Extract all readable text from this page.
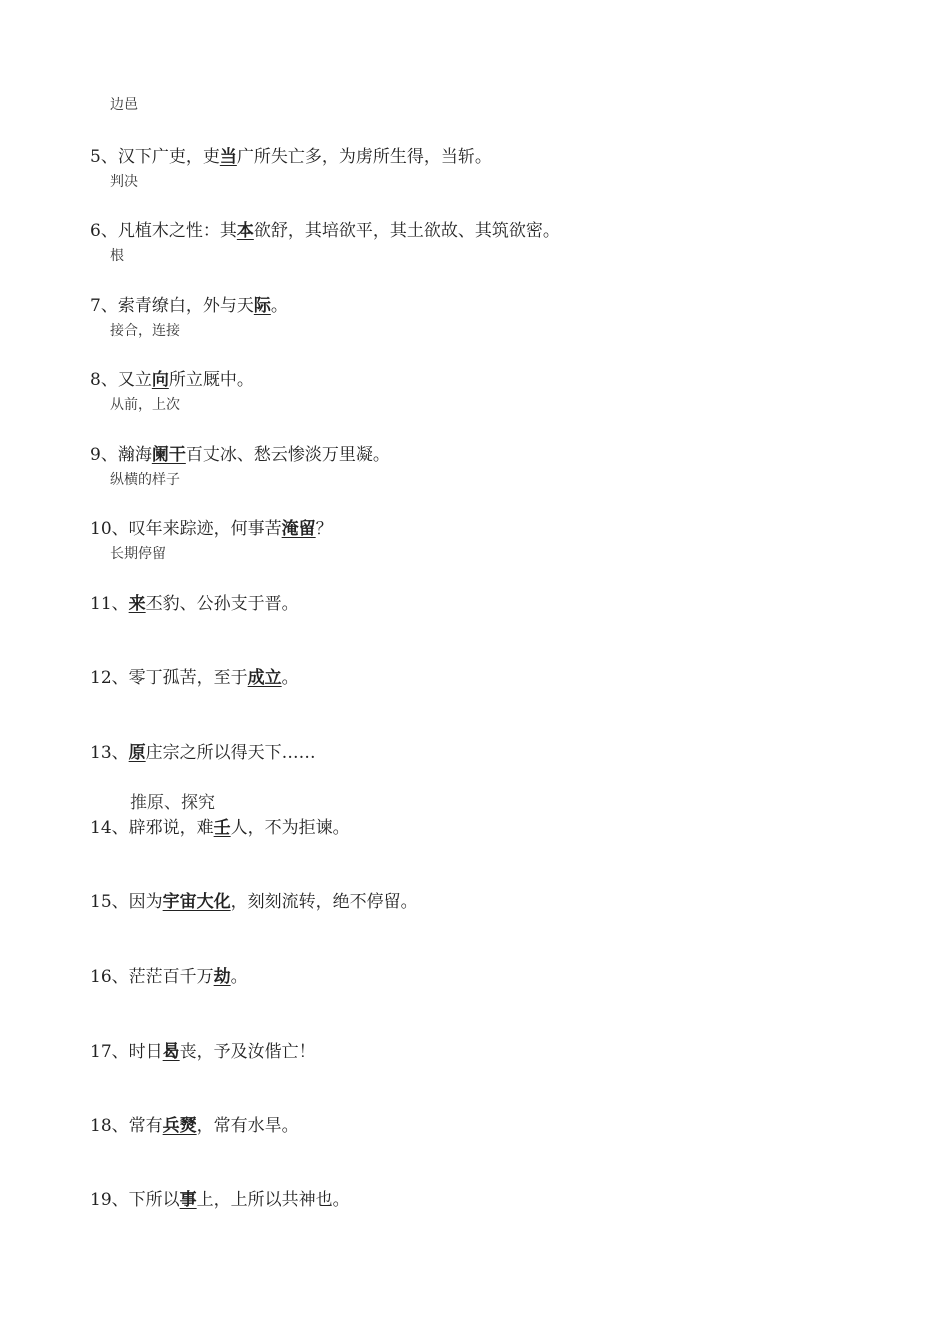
边邑
5、汉下广吏，吏当广所失亡多，为虏所生得，当斩。
判决
6、凡植木之性：其本欲舒，其培欲平，其土欲故、其筑欲密。
根
7、索青缭白，外与天际。
接合，连接
8、又立向所立厩中。
从前，上次
9、瀚海阑干百丈冰、愁云惨淡万里凝。
纵横的样子
10、叹年来踪迹，何事苦淹留？
长期停留
11、来丕豹、公孙支于晋。
12、零丁孤苦，至于成立。
13、原庄宗之所以得天下……
推原、探究
14、辟邪说，难壬人，不为拒谏。
15、因为宇宙大化，刻刻流转，绝不停留。
16、茫茫百千万劫。
17、时日曷丧，予及汝偕亡！
18、常有兵燹，常有水旱。
19、下所以事上，上所以共神也。
